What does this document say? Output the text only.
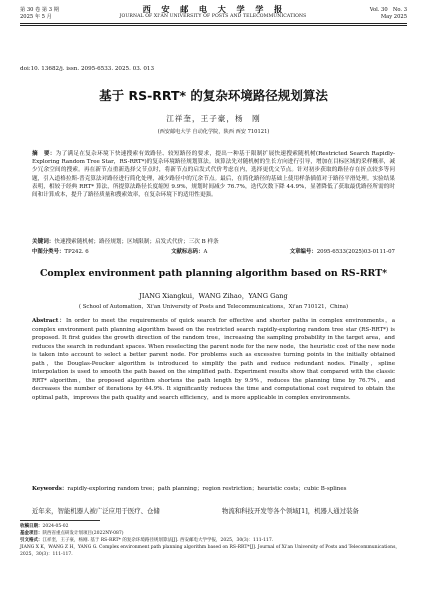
第 30 卷 第 3 期
2025 年 5 月
西　安　邮　电　大　学　学　报
JOURNAL OF XI'AN UNIVERSITY OF POSTS AND TELECOMMUNICATIONS
Vol. 30　No. 3
May 2025
doi:10. 13682/j. issn. 2095-6533. 2025. 03. 013
基于 RS-RRT* 的复杂环境路径规划算法
江祥奎，王子豪，杨　刚
(西安邮电大学 自动化学院，陕西 西安 710121)

摘　要：为了满足在复杂环境下快速搜索有效路径、较短路径的要求，提出一种基于限制扩展快速搜索随机树(Restricted Search Rapidly-Exploring Random Tree Star，RS-RRT*)的复杂环境路径规划算法。该算法先对随机树的生长方向进行引导，增加在目标区域的采样概率，减少冗余空间的搜索。再在新节点重新选择父节点时，将新节点的启发式代价考虑在内，选择更优父节点。针对初步获取的路径存在折点较多等问题，引入道格拉斯-普克算法对路径进行简化处理，减少路径中的冗余节点。最后，在简化路径的基础上使用样条插值对于路径平滑处理。实验结果表明，相较于经典 RRT* 算法，所提算法路径长度缩短 9.9%，规划时间减少 76.7%，迭代次数下降 44.9%，显著降低了获取最优路径所需的时间和计算成本，提升了路径质量和搜索效率，在复杂环境下的适用性更强。

关键词：快速搜索随机树；路径规划；区域限制；启发式代价；三次 B 样条

中图分类号：TP242. 6	文献标志码：A	文章编号：2095-6533(2025)03-0111-07
Complex environment path planning algorithm based on RS-RRT*
JIANG Xiangkui，WANG Zihao，YANG Gang
( School of Automation，Xi'an University of Posts and Telecommunications，Xi'an 710121，China)

Abstract：In order to meet the requirements of quick search for effective and shorter paths in complex environments，a complex environment path planning algorithm based on the restricted search rapidly-exploring random tree star (RS-RRT*) is proposed. It first guides the growth direction of the random tree，increasing the sampling probability in the target area，and reduces the search in redundant spaces. When reselecting the parent node for the new node，the heuristic cost of the new node is taken into account to select a better parent node. For problems such as excessive turning points in the initially obtained path，the Douglas-Peucker algorithm is introduced to simplify the path and reduce redundant nodes. Finally，spline interpolation is used to smooth the path based on the simplified path. Experiment results show that compared with the classic RRT* algorithm，the proposed algorithm shortens the path length by 9.9%，reduces the planning time by 76.7%，and decreases the number of iterations by 44.9%. It significantly reduces the time and computational cost required to obtain the optimal path，improves the path quality and search efficiency，and is more applicable in complex environments.

Keywords：rapidly-exploring random tree；path planning；region restriction；heuristic costs；cubic B-splines

近年来，智能机器人被广泛应用于医疗、仓储	物流和科技开发等各个领域[1]，机器人通过装备

收稿日期：2024-05-02
基金项目：陕西省重点研发计划项目(2022NY-087)
引文格式：江祥奎，王子豪，杨刚. 基于 RS-RRT* 的复杂环境路径规划算法[J]. 西安邮电大学学报，2025，30(3)：111-117.
JIANG X K，WANG Z H，YANG G. Complex environment path planning algorithm based on RS-RRT*[J]. Journal of Xi'an University of Posts and Telecommunications，2025，30(3)：111-117.
